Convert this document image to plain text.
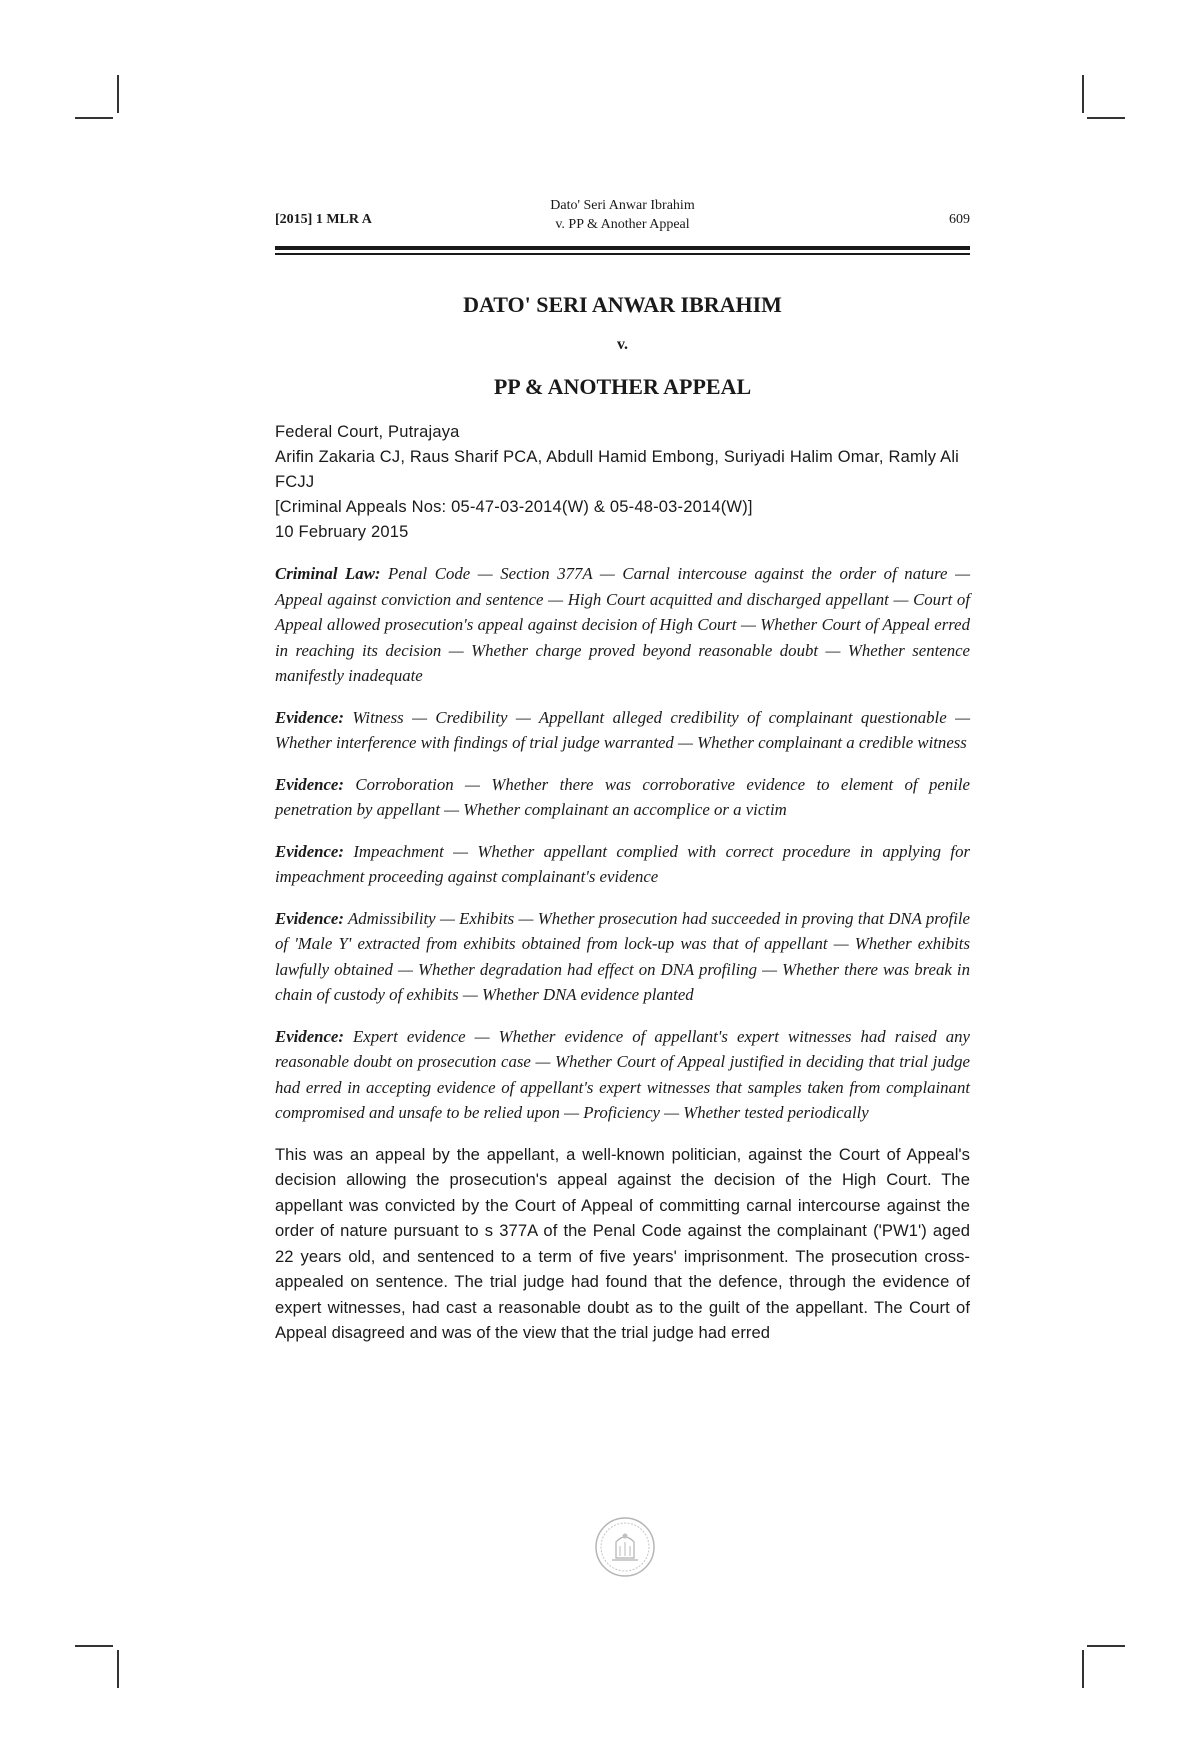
[2015] 1 MLR A
Dato' Seri Anwar Ibrahim
v. PP & Another Appeal	609
DATO' SERI ANWAR IBRAHIM
v.
PP & ANOTHER APPEAL
Federal Court, Putrajaya
Arifin Zakaria CJ, Raus Sharif PCA, Abdull Hamid Embong, Suriyadi Halim Omar, Ramly Ali FCJJ
[Criminal Appeals Nos: 05-47-03-2014(W) & 05-48-03-2014(W)]
10 February 2015

Criminal Law: Penal Code — Section 377A — Carnal intercouse against the order of nature — Appeal against conviction and sentence — High Court acquitted and discharged appellant — Court of Appeal allowed prosecution's appeal against decision of High Court — Whether Court of Appeal erred in reaching its decision — Whether charge proved beyond reasonable doubt — Whether sentence manifestly inadequate

Evidence: Witness — Credibility — Appellant alleged credibility of complainant questionable — Whether interference with findings of trial judge warranted — Whether complainant a credible witness

Evidence: Corroboration — Whether there was corroborative evidence to element of penile penetration by appellant — Whether complainant an accomplice or a victim

Evidence: Impeachment — Whether appellant complied with correct procedure in applying for impeachment proceeding against complainant's evidence

Evidence: Admissibility — Exhibits — Whether prosecution had succeeded in proving that DNA profile of 'Male Y' extracted from exhibits obtained from lock-up was that of appellant — Whether exhibits lawfully obtained — Whether degradation had effect on DNA profiling — Whether there was break in chain of custody of exhibits — Whether DNA evidence planted

Evidence: Expert evidence — Whether evidence of appellant's expert witnesses had raised any reasonable doubt on prosecution case — Whether Court of Appeal justified in deciding that trial judge had erred in accepting evidence of appellant's expert witnesses that samples taken from complainant compromised and unsafe to be relied upon — Proficiency — Whether tested periodically

This was an appeal by the appellant, a well-known politician, against the Court of Appeal's decision allowing the prosecution's appeal against the decision of the High Court. The appellant was convicted by the Court of Appeal of committing carnal intercourse against the order of nature pursuant to s 377A of the Penal Code against the complainant ('PW1') aged 22 years old, and sentenced to a term of five years' imprisonment. The prosecution cross-appealed on sentence. The trial judge had found that the defence, through the evidence of expert witnesses, had cast a reasonable doubt as to the guilt of the appellant. The Court of Appeal disagreed and was of the view that the trial judge had erred
